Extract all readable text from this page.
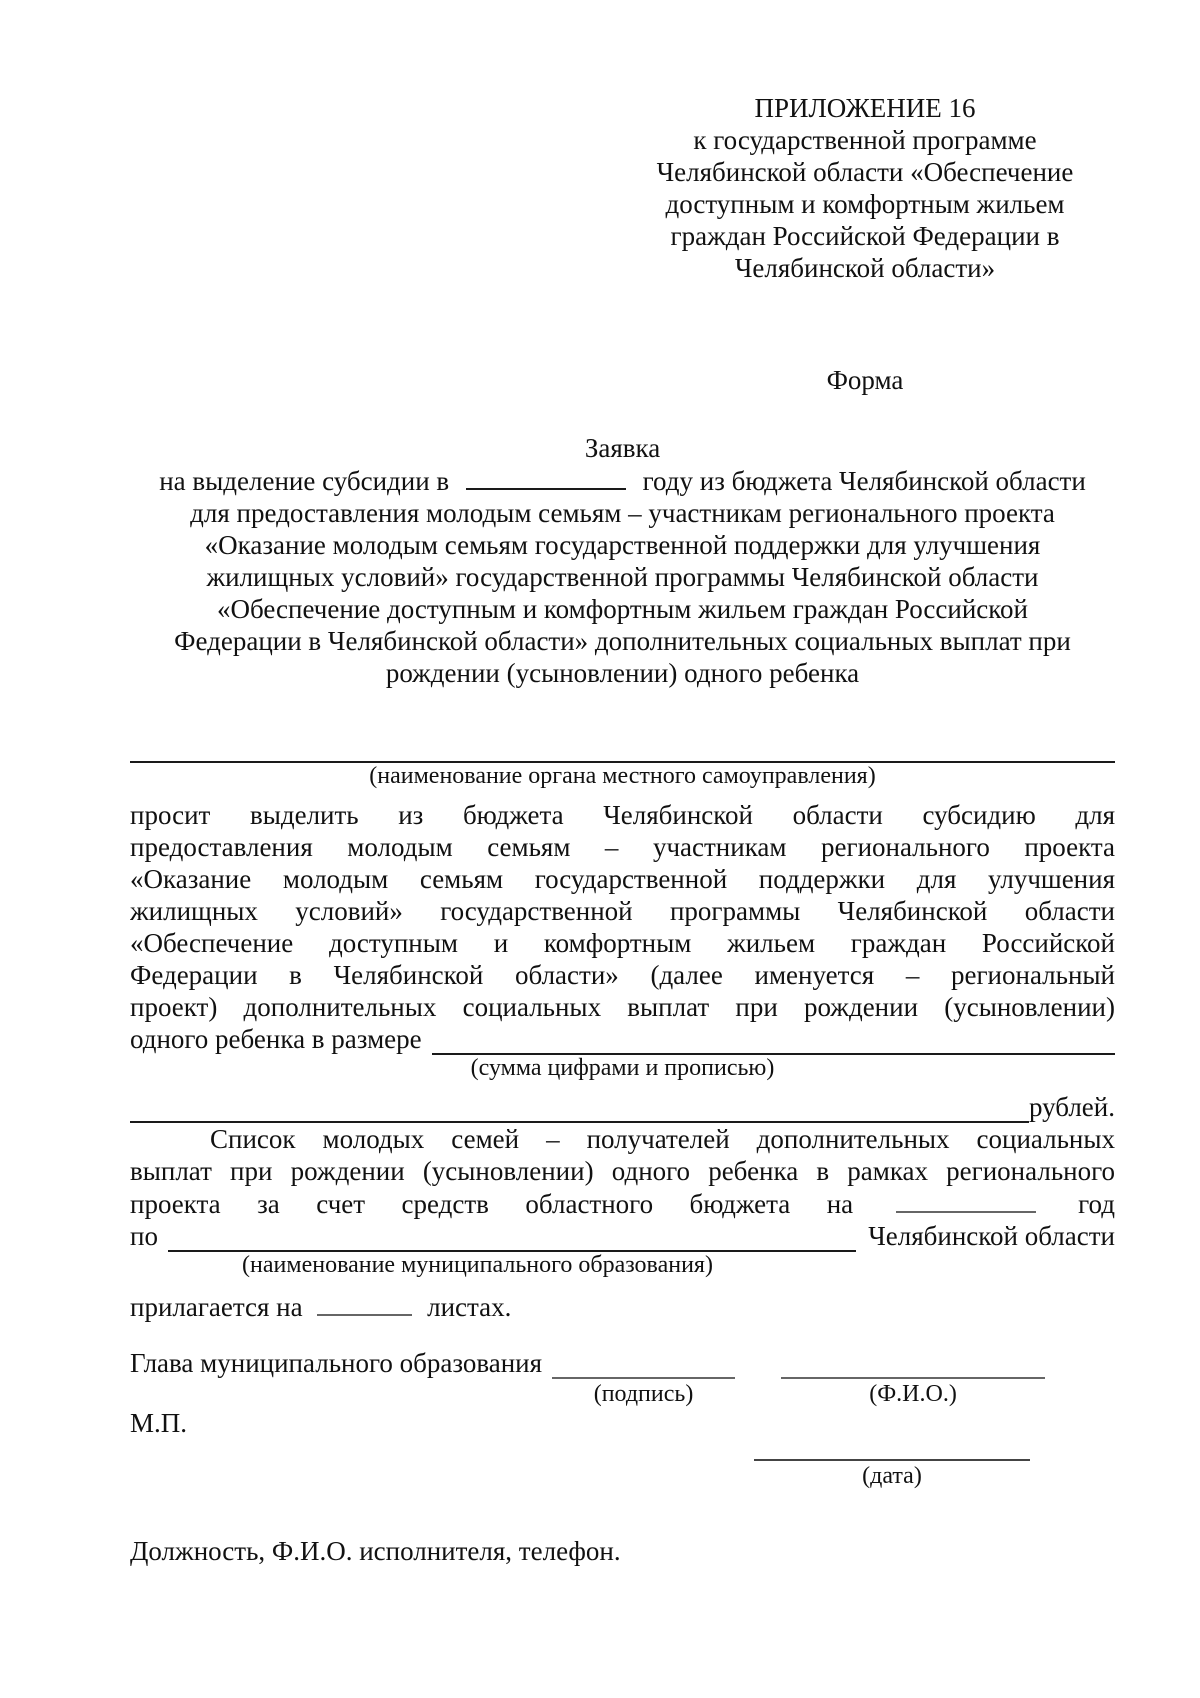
ПРИЛОЖЕНИЕ 16
к государственной программе
Челябинской области «Обеспечение
доступным и комфортным жильем
граждан Российской Федерации в
Челябинской области»
Форма
Заявка
на выделение субсидии в	году из бюджета Челябинской области
для предоставления молодым семьям – участникам регионального проекта
«Оказание молодым семьям государственной поддержки для улучшения
жилищных условий» государственной программы Челябинской области
«Обеспечение доступным и комфортным жильем граждан Российской
Федерации в Челябинской области» дополнительных социальных выплат при
рождении (усыновлении) одного ребенка
(наименование органа местного самоуправления)
просит выделить из бюджета Челябинской области субсидию для
предоставления молодым семьям – участникам регионального проекта
«Оказание молодым семьям государственной поддержки для улучшения
жилищных условий» государственной программы Челябинской области
«Обеспечение доступным и комфортным жильем граждан Российской
Федерации в Челябинской области» (далее именуется – региональный
проект) дополнительных социальных выплат при рождении (усыновлении)
одного ребенка в размере
(сумма цифрами и прописью)
рублей.
Список молодых семей – получателей дополнительных социальных
выплат при рождении (усыновлении) одного ребенка в рамках регионального
проекта за счет средств областного бюджета на	год
по	Челябинской области
(наименование муниципального образования)
прилагается на	листах.
Глава муниципального образования
(подпись)	(Ф.И.О.)
М.П.
(дата)
Должность, Ф.И.О. исполнителя, телефон.
